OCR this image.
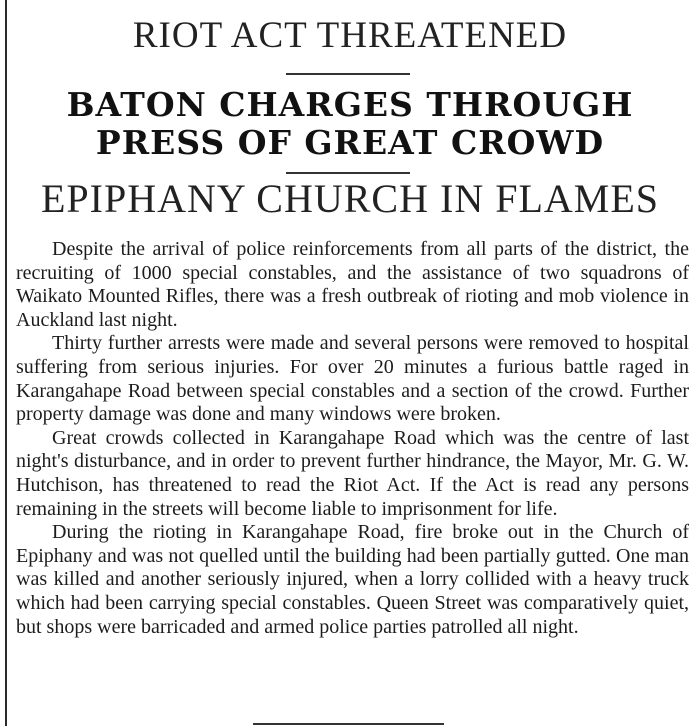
RIOT ACT THREATENED
BATON CHARGES THROUGH PRESS OF GREAT CROWD
EPIPHANY CHURCH IN FLAMES

Despite the arrival of police reinforcements from all parts of the district, the recruiting of 1000 special constables, and the assistance of two squadrons of Waikato Mounted Rifles, there was a fresh outbreak of rioting and mob violence in Auckland last night.

Thirty further arrests were made and several persons were removed to hospital suffering from serious injuries. For over 20 minutes a furious battle raged in Karangahape Road between special constables and a section of the crowd. Further property damage was done and many windows were broken.

Great crowds collected in Karangahape Road which was the centre of last night's disturbance, and in order to prevent further hindrance, the Mayor, Mr. G. W. Hutchison, has threatened to read the Riot Act. If the Act is read any persons remaining in the streets will become liable to imprisonment for life.

During the rioting in Karangahape Road, fire broke out in the Church of Epiphany and was not quelled until the building had been partially gutted. One man was killed and another seriously injured, when a lorry collided with a heavy truck which had been carrying special constables. Queen Street was comparatively quiet, but shops were barricaded and armed police parties patrolled all night.
